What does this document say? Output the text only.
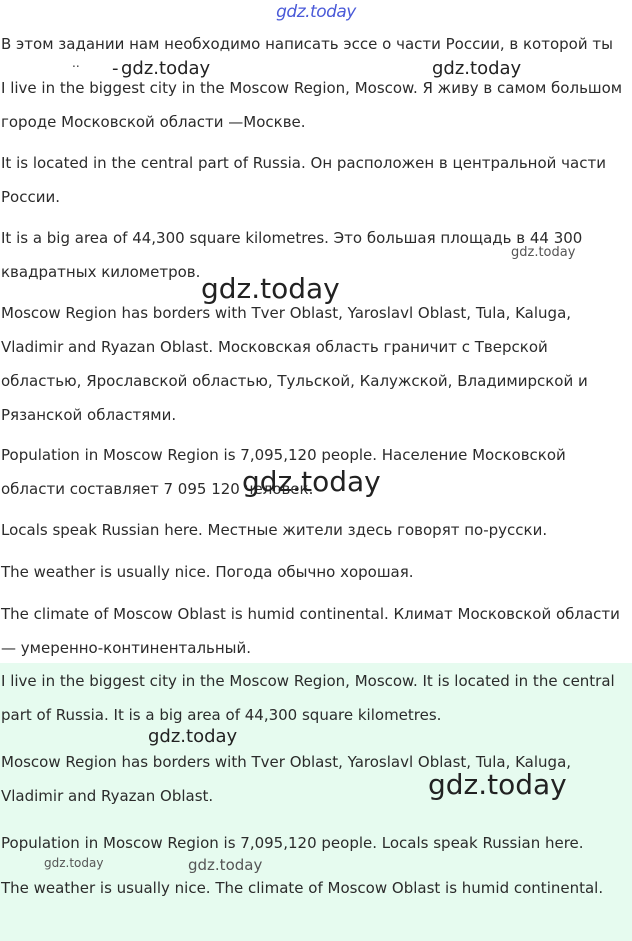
gdz.today

В этом задании нам необходимо написать эссе о части России, в которой ты

I live in the biggest city in the Moscow Region, Moscow. Я живу в самом большом городе Московской области —Москве.

It is located in the central part of Russia. Он расположен в центральной части России.

It is a big area of 44,300 square kilometres. Это большая площадь в 44 300 квадратных километров.

Moscow Region has borders with Tver Oblast, Yaroslavl Oblast, Tula, Kaluga, Vladimir and Ryazan Oblast. Московская область граничит с Тверской областью, Ярославской областью, Тульской, Калужской, Владимирской и Рязанской областями.

Population in Moscow Region is 7,095,120 people. Население Московской области составляет 7 095 120 человек.

Locals speak Russian here. Местные жители здесь говорят по-русски.

The weather is usually nice. Погода обычно хорошая.

The climate of Moscow Oblast is humid continental. Климат Московской области — умеренно-континентальный.

I live in the biggest city in the Moscow Region, Moscow. It is located in the central part of Russia. It is a big area of 44,300 square kilometres.

Moscow Region has borders with Tver Oblast, Yaroslavl Oblast, Tula, Kaluga, Vladimir and Ryazan Oblast.

Population in Moscow Region is 7,095,120 people. Locals speak Russian here.

The weather is usually nice. The climate of Moscow Oblast is humid continental.

.. - gdz.today	gdz.today
gdz.today
gdz.today
gdz.today
gdz.today
gdz.today
gdz.today	gdz.today
